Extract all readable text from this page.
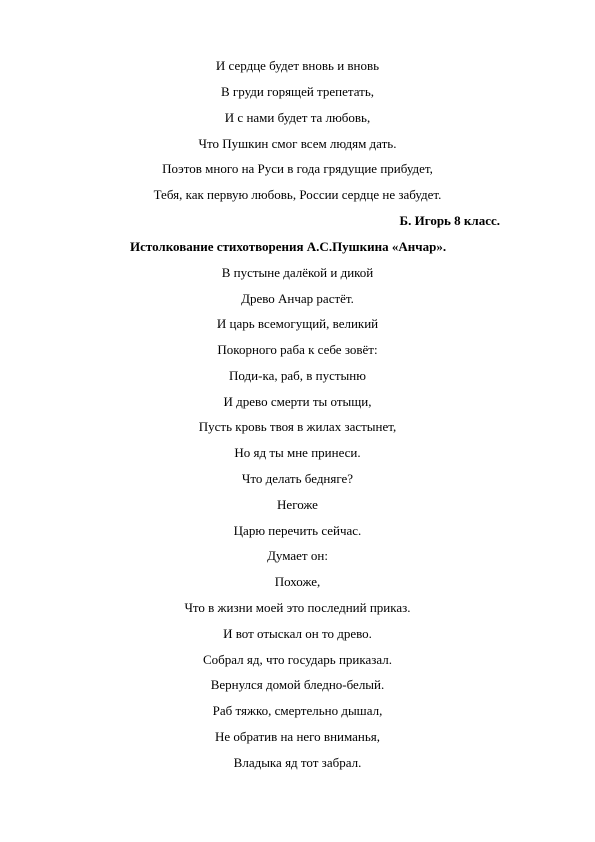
И сердце будет вновь и вновь
В груди горящей трепетать,
И с нами будет та любовь,
Что Пушкин смог всем людям дать.
Поэтов много на Руси в года грядущие прибудет,
Тебя, как первую любовь, России сердце не забудет.
Б. Игорь 8 класс.
Истолкование стихотворения А.С.Пушкина «Анчар».
В пустыне далёкой и дикой
Древо Анчар растёт.
И царь всемогущий, великий
Покорного раба к себе зовёт:
Поди-ка, раб, в пустыню
И древо смерти ты отыщи,
Пусть кровь твоя в жилах застынет,
Но яд ты мне принеси.
Что делать бедняге?
Негоже
Царю перечить сейчас.
Думает он:
Похоже,
Что в жизни моей это последний приказ.
И вот отыскал он то древо.
Собрал яд, что государь приказал.
Вернулся домой бледно-белый.
Раб тяжко, смертельно дышал,
Не обратив на него вниманья,
Владыка яд тот забрал.
